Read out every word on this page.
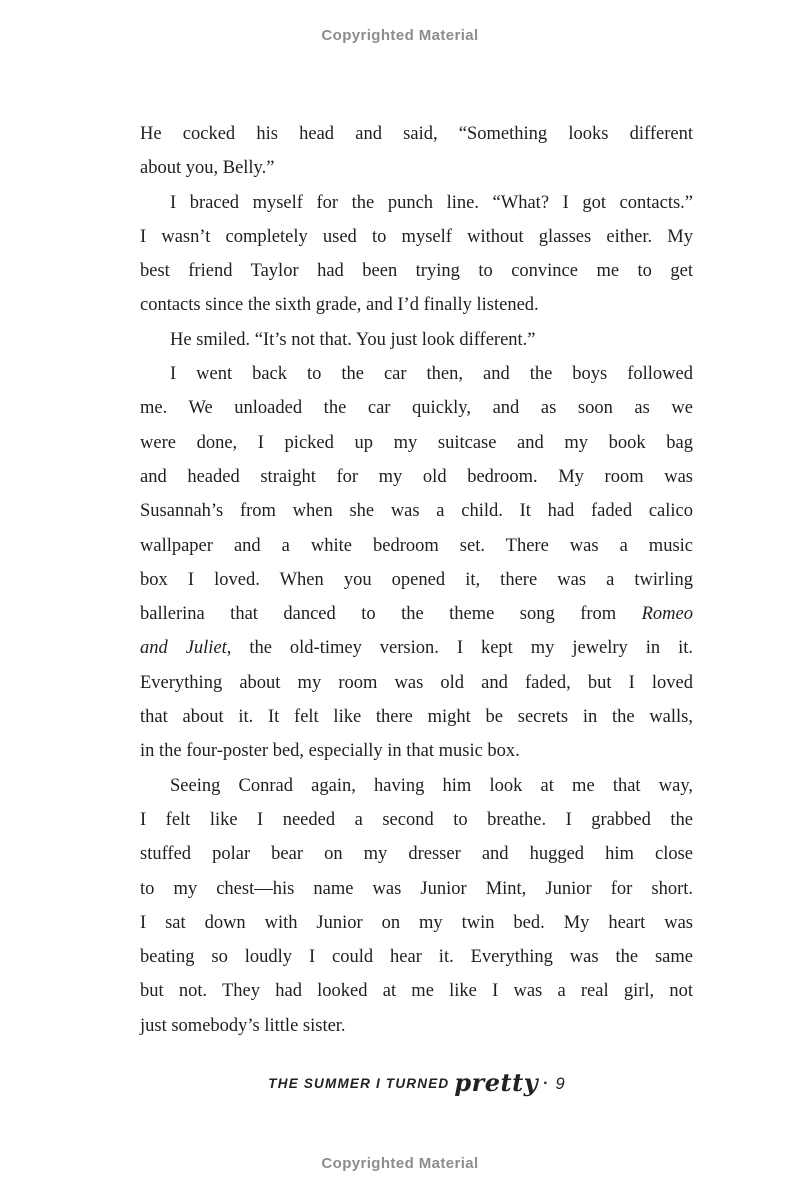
Copyrighted Material
He cocked his head and said, “Something looks different
about you, Belly.”
I braced myself for the punch line. “What? I got contacts.”
I wasn’t completely used to myself without glasses either. My
best friend Taylor had been trying to convince me to get
contacts since the sixth grade, and I’d finally listened.
He smiled. “It’s not that. You just look different.”
I went back to the car then, and the boys followed
me. We unloaded the car quickly, and as soon as we
were done, I picked up my suitcase and my book bag
and headed straight for my old bedroom. My room was
Susannah’s from when she was a child. It had faded calico
wallpaper and a white bedroom set. There was a music
box I loved. When you opened it, there was a twirling
ballerina that danced to the theme song from Romeo
and Juliet, the old-timey version. I kept my jewelry in it.
Everything about my room was old and faded, but I loved
that about it. It felt like there might be secrets in the walls,
in the four-poster bed, especially in that music box.
Seeing Conrad again, having him look at me that way,
I felt like I needed a second to breathe. I grabbed the
stuffed polar bear on my dresser and hugged him close
to my chest—his name was Junior Mint, Junior for short.
I sat down with Junior on my twin bed. My heart was
beating so loudly I could hear it. Everything was the same
but not. They had looked at me like I was a real girl, not
just somebody’s little sister.
THE SUMMER I TURNED pretty · 9
Copyrighted Material
